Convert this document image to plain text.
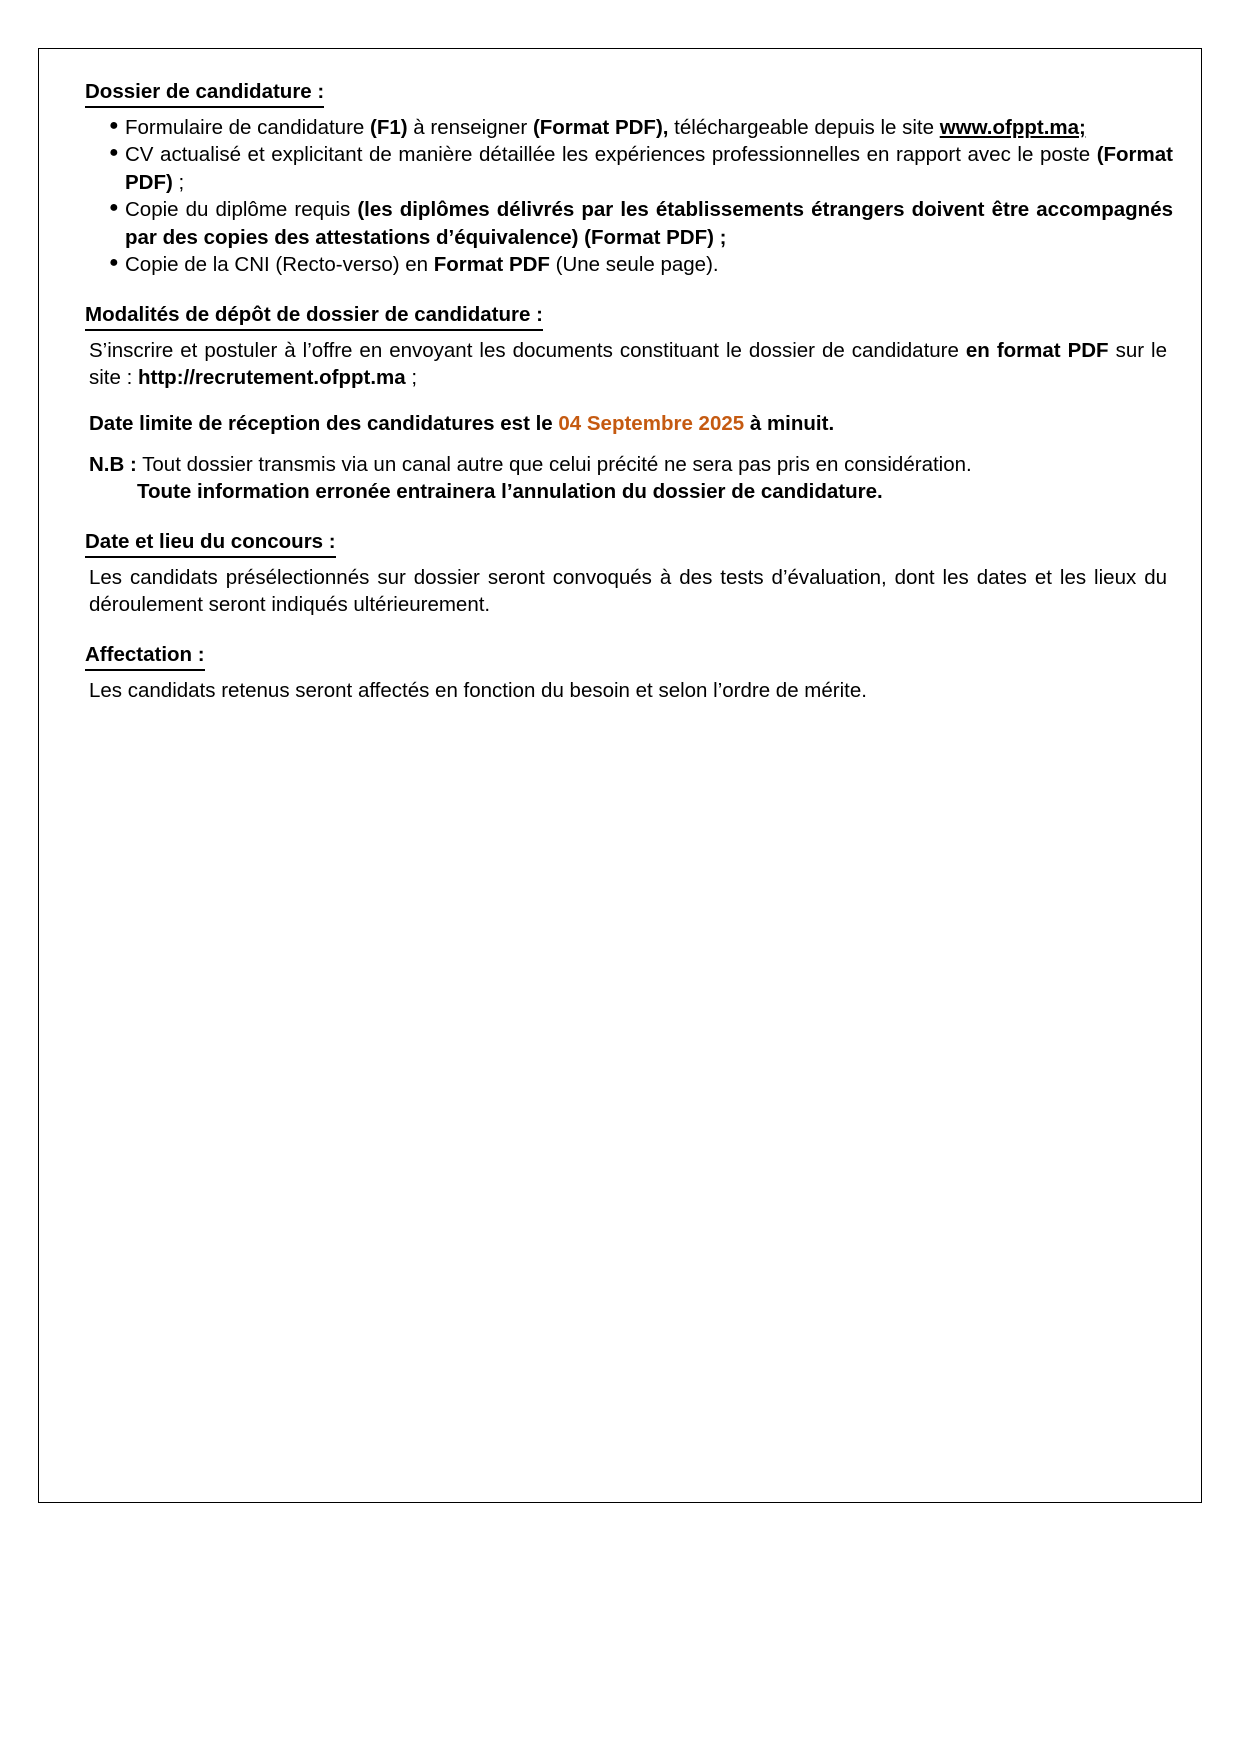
Dossier de candidature :
● Formulaire de candidature (F1) à renseigner (Format PDF), téléchargeable depuis le site www.ofppt.ma;
● CV actualisé et explicitant de manière détaillée les expériences professionnelles en rapport avec le poste (Format PDF) ;
● Copie du diplôme requis (les diplômes délivrés par les établissements étrangers doivent être accompagnés par des copies des attestations d’équivalence) (Format PDF) ;
● Copie de la CNI (Recto-verso) en Format PDF (Une seule page).
Modalités de dépôt de dossier de candidature :
S’inscrire et postuler à l’offre en envoyant les documents constituant le dossier de candidature en format PDF sur le site : http://recrutement.ofppt.ma ;
Date limite de réception des candidatures est le 04 Septembre 2025 à minuit.
N.B : Tout dossier transmis via un canal autre que celui précité ne sera pas pris en considération.
Toute information erronée entrainera l’annulation du dossier de candidature.
Date et lieu du concours :
Les candidats présélectionnés sur dossier seront convoqués à des tests d’évaluation, dont les dates et les lieux du déroulement seront indiqués ultérieurement.
Affectation :
Les candidats retenus seront affectés en fonction du besoin et selon l’ordre de mérite.
